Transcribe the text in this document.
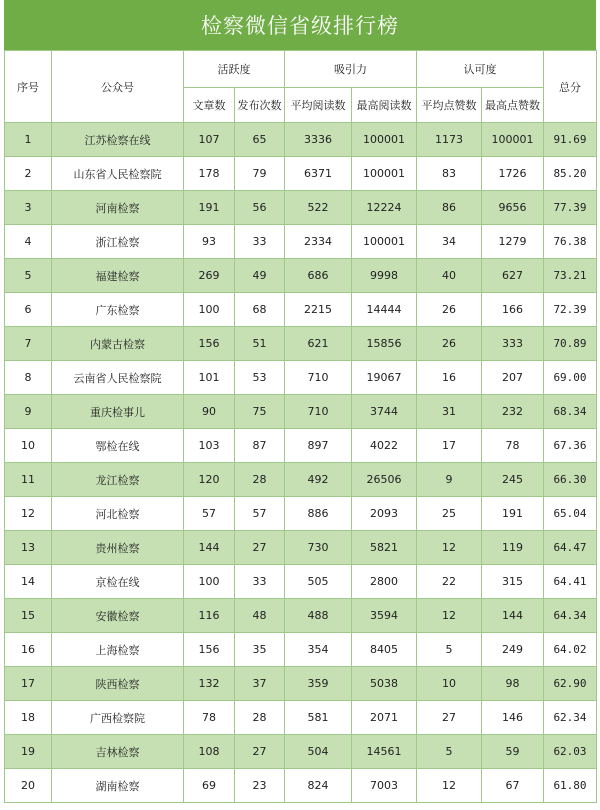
检察微信省级排行榜
序号	公众号	活跃度		吸引力		认可度		总分
		文章数	发布次数	平均阅读数	最高阅读数	平均点赞数	最高点赞数	
1	江苏检察在线	107	65	3336	100001	1173	100001	91.69
2	山东省人民检察院	178	79	6371	100001	83	1726	85.20
3	河南检察	191	56	522	12224	86	9656	77.39
4	浙江检察	93	33	2334	100001	34	1279	76.38
5	福建检察	269	49	686	9998	40	627	73.21
6	广东检察	100	68	2215	14444	26	166	72.39
7	内蒙古检察	156	51	621	15856	26	333	70.89
8	云南省人民检察院	101	53	710	19067	16	207	69.00
9	重庆检事儿	90	75	710	3744	31	232	68.34
10	鄂检在线	103	87	897	4022	17	78	67.36
11	龙江检察	120	28	492	26506	9	245	66.30
12	河北检察	57	57	886	2093	25	191	65.04
13	贵州检察	144	27	730	5821	12	119	64.47
14	京检在线	100	33	505	2800	22	315	64.41
15	安徽检察	116	48	488	3594	12	144	64.34
16	上海检察	156	35	354	8405	5	249	64.02
17	陕西检察	132	37	359	5038	10	98	62.90
18	广西检察院	78	28	581	2071	27	146	62.34
19	吉林检察	108	27	504	14561	5	59	62.03
20	湖南检察	69	23	824	7003	12	67	61.80
